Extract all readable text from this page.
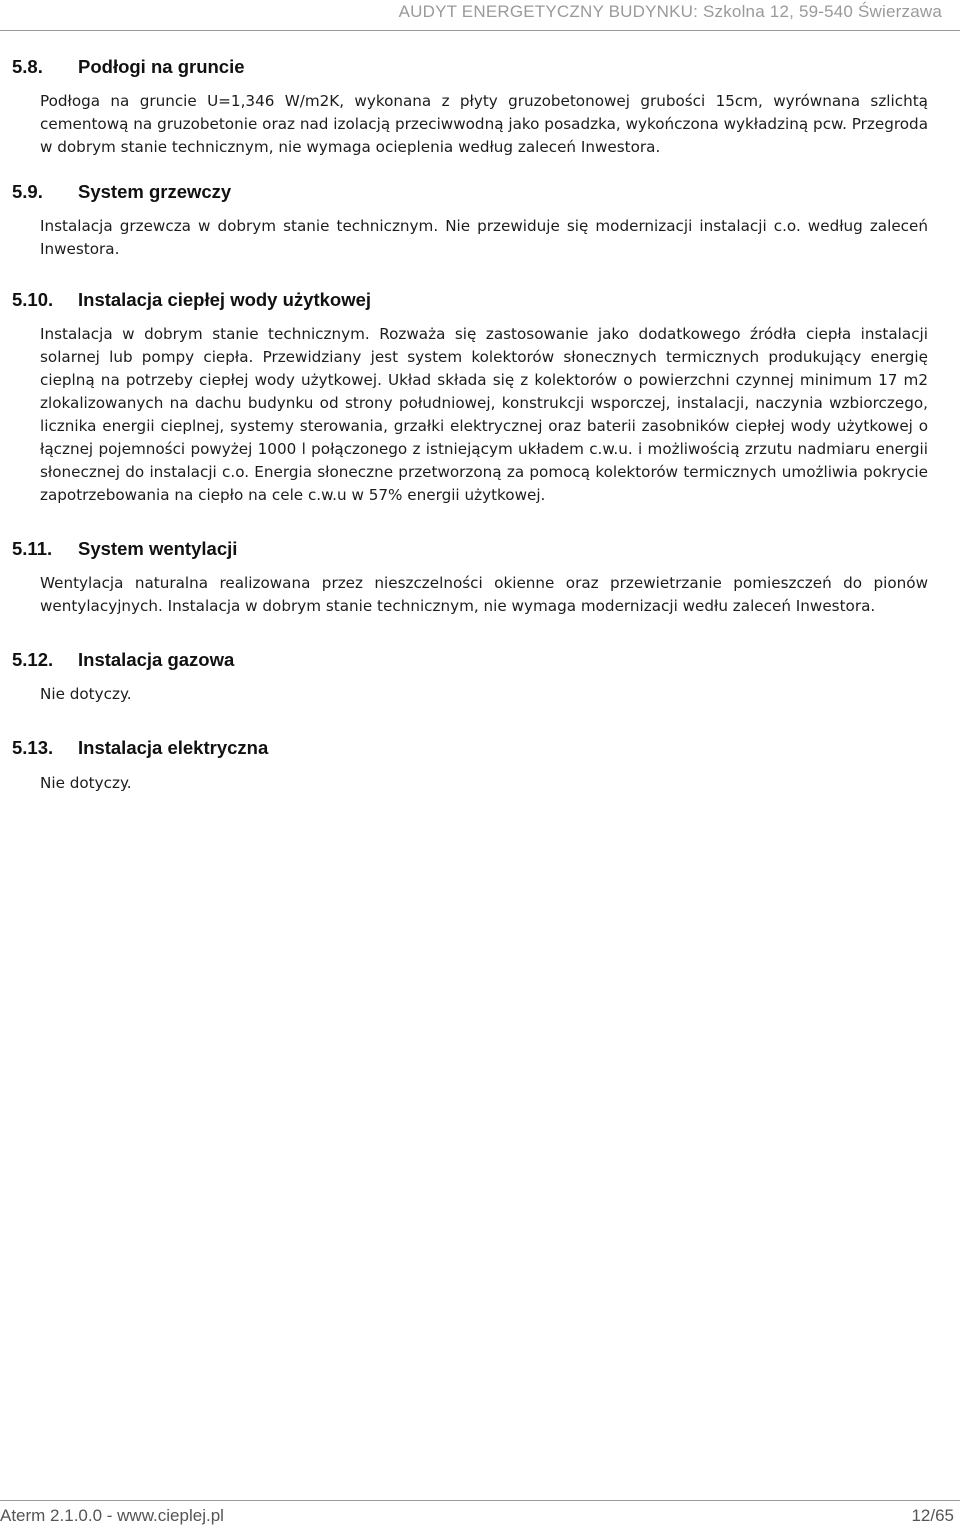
AUDYT ENERGETYCZNY BUDYNKU: Szkolna 12, 59-540 Świerzawa
5.8.	Podłogi na gruncie
Podłoga na gruncie U=1,346 W/m2K, wykonana z płyty gruzobetonowej grubości 15cm, wyrównana szlichtą cementową na gruzobetonie oraz nad izolacją przeciwwodną jako posadzka, wykończona wykładziną pcw. Przegroda w dobrym stanie technicznym, nie wymaga ocieplenia według zaleceń Inwestora.
5.9.	System grzewczy
Instalacja grzewcza w dobrym stanie technicznym. Nie przewiduje się modernizacji instalacji c.o. według zaleceń Inwestora.
5.10.	Instalacja ciepłej wody użytkowej
Instalacja w dobrym stanie technicznym. Rozważa się zastosowanie jako dodatkowego źródła ciepła instalacji solarnej lub pompy ciepła. Przewidziany jest system kolektorów słonecznych termicznych produkujący energię cieplną na potrzeby ciepłej wody użytkowej. Układ składa się z kolektorów o powierzchni czynnej minimum 17 m2 zlokalizowanych na dachu budynku od strony południowej, konstrukcji wsporczej, instalacji, naczynia wzbiorczego, licznika energii cieplnej, systemy sterowania, grzałki elektrycznej oraz baterii zasobników ciepłej wody użytkowej o łącznej pojemności powyżej 1000 l połączonego z istniejącym układem c.w.u. i możliwością zrzutu nadmiaru energii słonecznej do instalacji c.o. Energia słoneczne przetworzoną za pomocą kolektorów termicznych umożliwia pokrycie zapotrzebowania na ciepło na cele c.w.u w 57% energii użytkowej.
5.11.	System wentylacji
Wentylacja naturalna realizowana przez nieszczelności okienne oraz przewietrzanie pomieszczeń do pionów wentylacyjnych. Instalacja w dobrym stanie technicznym, nie wymaga modernizacji wedłu zaleceń Inwestora.
5.12.	Instalacja gazowa
Nie dotyczy.
5.13.	Instalacja elektryczna
Nie dotyczy.
Aterm 2.1.0.0 - www.cieplej.pl	12/65
